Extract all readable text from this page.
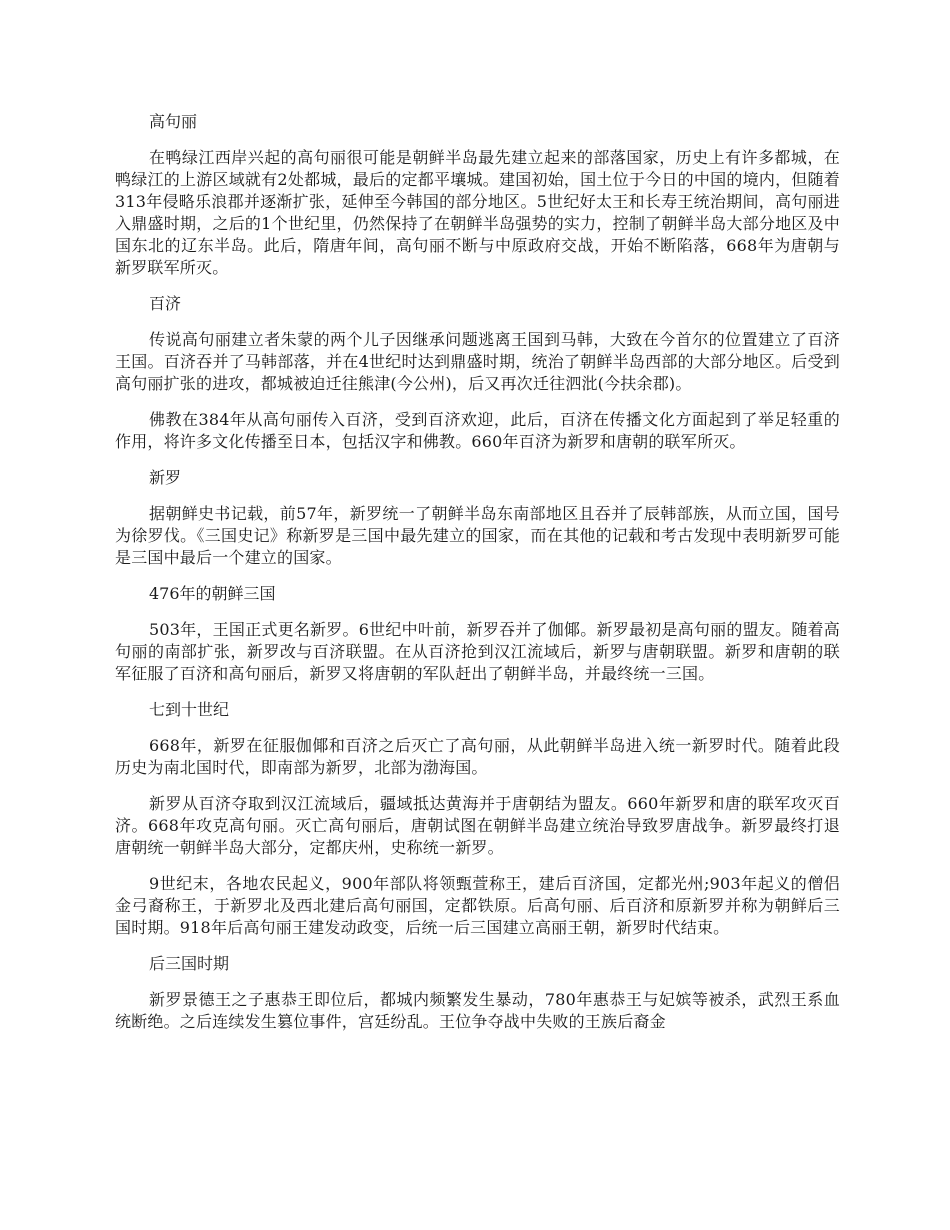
高句丽
在鸭绿江西岸兴起的高句丽很可能是朝鲜半岛最先建立起来的部落国家，历史上有许多都城，在鸭绿江的上游区域就有2处都城，最后的定都平壤城。建国初始，国土位于今日的中国的境内，但随着313年侵略乐浪郡并逐渐扩张，延伸至今韩国的部分地区。5世纪好太王和长寿王统治期间，高句丽进入鼎盛时期，之后的1个世纪里，仍然保持了在朝鲜半岛强势的实力，控制了朝鲜半岛大部分地区及中国东北的辽东半岛。此后，隋唐年间，高句丽不断与中原政府交战，开始不断陷落，668年为唐朝与新罗联军所灭。
百济
传说高句丽建立者朱蒙的两个儿子因继承问题逃离王国到马韩，大致在今首尔的位置建立了百济王国。百济吞并了马韩部落，并在4世纪时达到鼎盛时期，统治了朝鲜半岛西部的大部分地区。后受到高句丽扩张的进攻，都城被迫迁往熊津(今公州)，后又再次迁往泗沘(今扶余郡)。
佛教在384年从高句丽传入百济，受到百济欢迎，此后，百济在传播文化方面起到了举足轻重的作用，将许多文化传播至日本，包括汉字和佛教。660年百济为新罗和唐朝的联军所灭。
新罗
据朝鲜史书记载，前57年，新罗统一了朝鲜半岛东南部地区且吞并了辰韩部族，从而立国，国号为徐罗伐。《三国史记》称新罗是三国中最先建立的国家，而在其他的记载和考古发现中表明新罗可能是三国中最后一个建立的国家。
476年的朝鲜三国
503年，王国正式更名新罗。6世纪中叶前，新罗吞并了伽倻。新罗最初是高句丽的盟友。随着高句丽的南部扩张，新罗改与百济联盟。在从百济抢到汉江流域后，新罗与唐朝联盟。新罗和唐朝的联军征服了百济和高句丽后，新罗又将唐朝的军队赶出了朝鲜半岛，并最终统一三国。
七到十世纪
668年，新罗在征服伽倻和百济之后灭亡了高句丽，从此朝鲜半岛进入统一新罗时代。随着此段历史为南北国时代，即南部为新罗，北部为渤海国。
新罗从百济夺取到汉江流域后，疆域抵达黄海并于唐朝结为盟友。660年新罗和唐的联军攻灭百济。668年攻克高句丽。灭亡高句丽后，唐朝试图在朝鲜半岛建立统治导致罗唐战争。新罗最终打退唐朝统一朝鲜半岛大部分，定都庆州，史称统一新罗。
9世纪末，各地农民起义，900年部队将领甄萱称王，建后百济国，定都光州;903年起义的僧侣金弓裔称王，于新罗北及西北建后高句丽国，定都铁原。后高句丽、后百济和原新罗并称为朝鲜后三国时期。918年后高句丽王建发动政变，后统一后三国建立高丽王朝，新罗时代结束。
后三国时期
新罗景德王之子惠恭王即位后，都城内频繁发生暴动，780年惠恭王与妃嫔等被杀，武烈王系血统断绝。之后连续发生篡位事件，宫廷纷乱。王位争夺战中失败的王族后裔金
